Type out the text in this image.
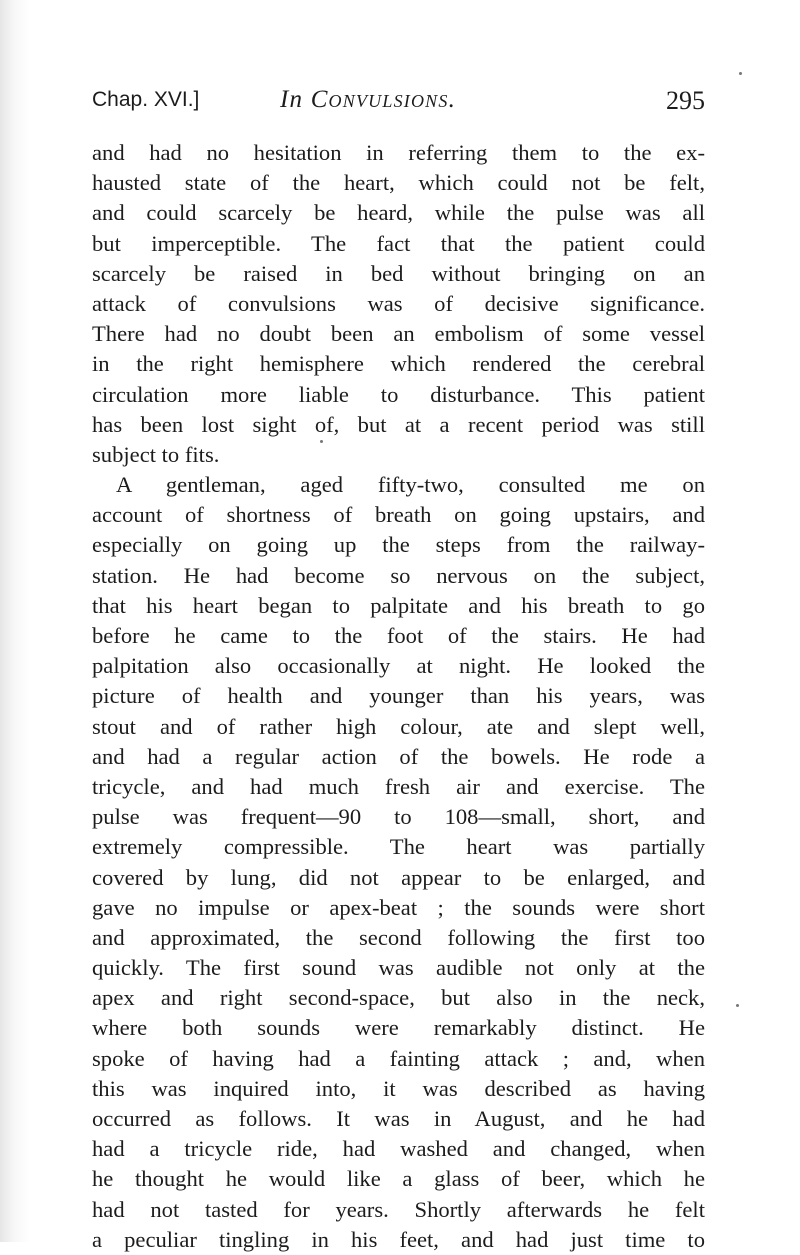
Chap. XVI.]	In Convulsions.	295
and had no hesitation in referring them to the ex-
hausted state of the heart, which could not be felt,
and could scarcely be heard, while the pulse was all
but imperceptible. The fact that the patient could
scarcely be raised in bed without bringing on an
attack of convulsions was of decisive significance.
There had no doubt been an embolism of some vessel
in the right hemisphere which rendered the cerebral
circulation more liable to disturbance. This patient
has been lost sight of, but at a recent period was still
subject to fits.
A gentleman, aged fifty-two, consulted me on
account of shortness of breath on going upstairs, and
especially on going up the steps from the railway-
station. He had become so nervous on the subject,
that his heart began to palpitate and his breath to go
before he came to the foot of the stairs. He had
palpitation also occasionally at night. He looked the
picture of health and younger than his years, was
stout and of rather high colour, ate and slept well,
and had a regular action of the bowels. He rode a
tricycle, and had much fresh air and exercise. The
pulse was frequent—90 to 108—small, short, and
extremely compressible. The heart was partially
covered by lung, did not appear to be enlarged, and
gave no impulse or apex-beat ; the sounds were short
and approximated, the second following the first too
quickly. The first sound was audible not only at the
apex and right second-space, but also in the neck,
where both sounds were remarkably distinct. He
spoke of having had a fainting attack ; and, when
this was inquired into, it was described as having
occurred as follows. It was in August, and he had
had a tricycle ride, had washed and changed, when
he thought he would like a glass of beer, which he
had not tasted for years. Shortly afterwards he felt
a peculiar tingling in his feet, and had just time to
